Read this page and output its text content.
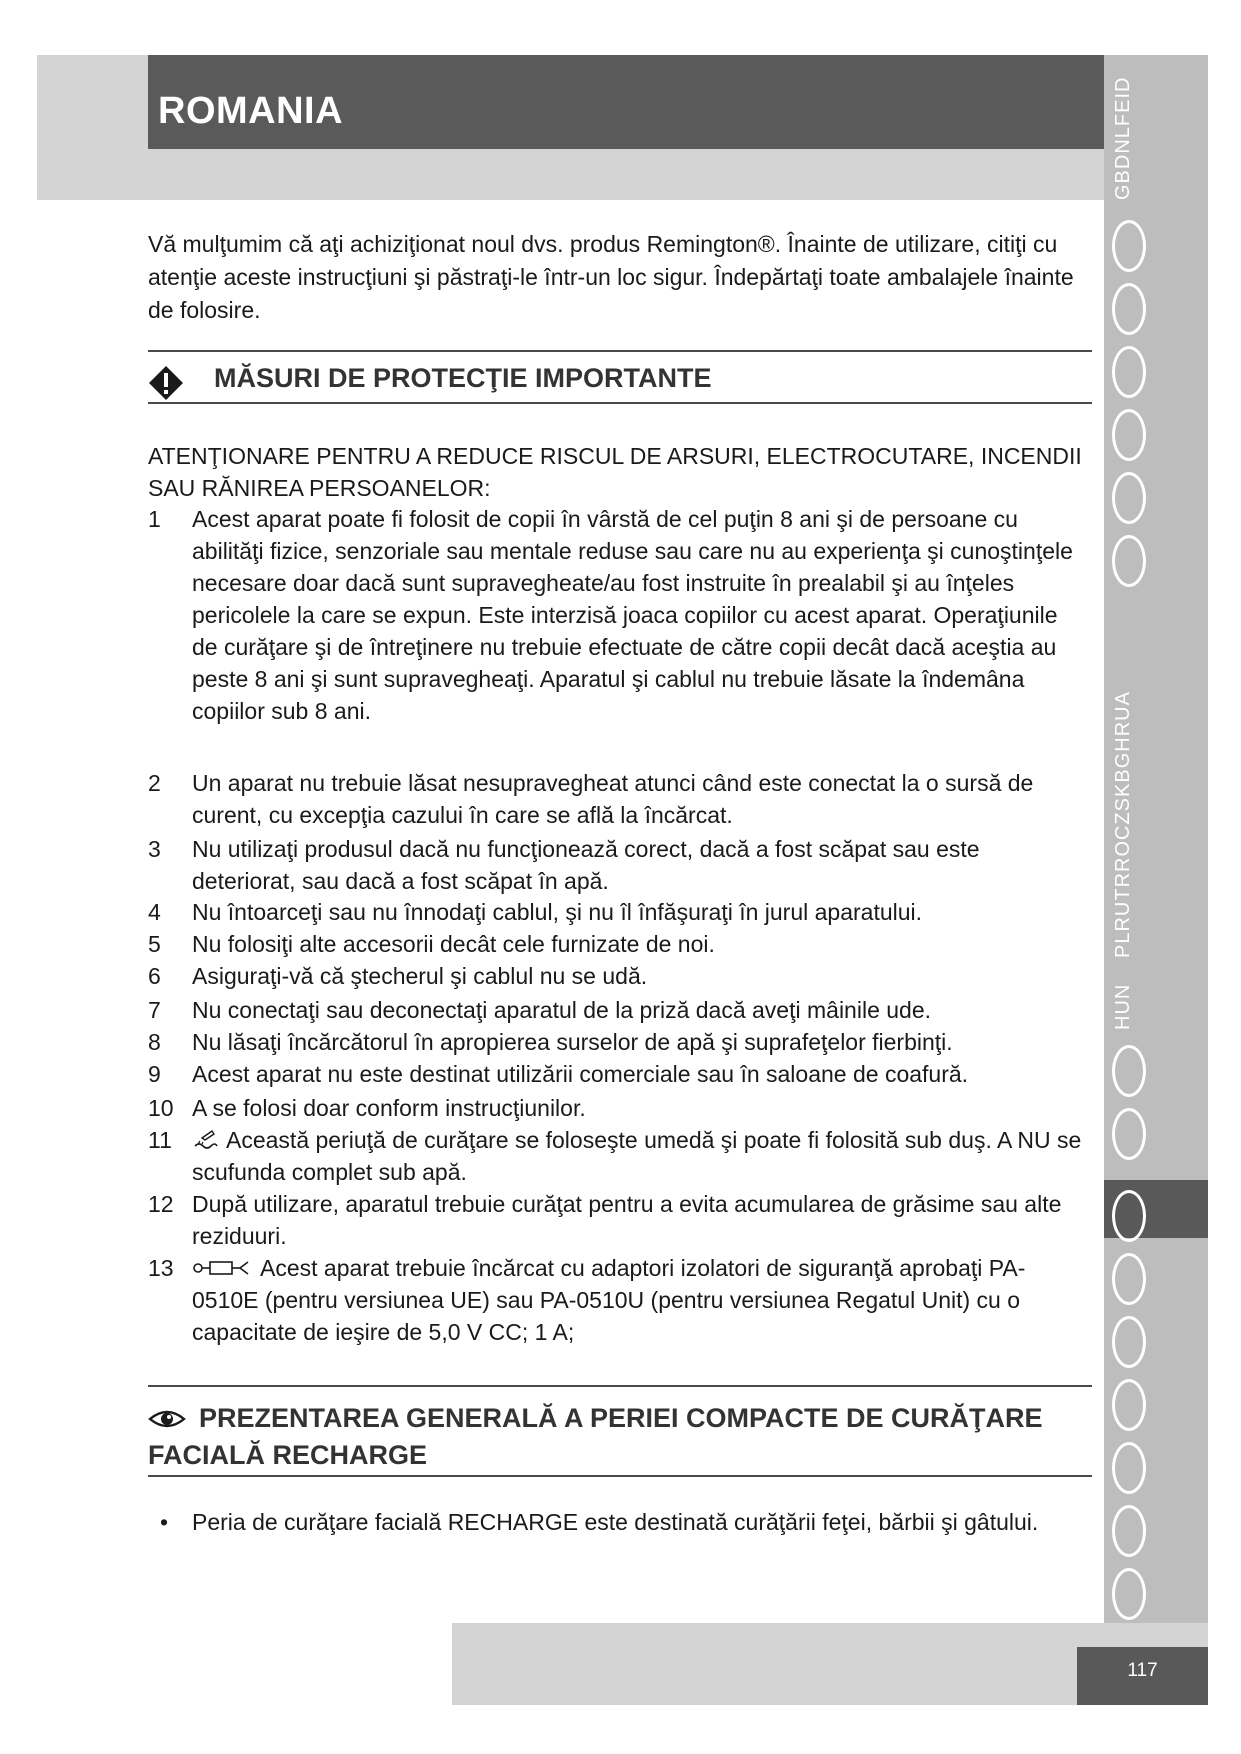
ROMANIA	GBDNLFEID
PLRUTRROCZSKBGHRUA
HUN
117
Vă mulţumim că aţi achiziţionat noul dvs. produs Remington®. Înainte de utilizare, citiţi cu atenţie aceste instrucţiuni şi păstraţi-le într-un loc sigur. Îndepărtaţi toate ambalajele înainte de folosire.
MĂSURI DE PROTECŢIE IMPORTANTE
ATENŢIONARE PENTRU A REDUCE RISCUL DE ARSURI, ELECTROCUTARE, INCENDII SAU RĂNIREA PERSOANELOR:
1 Acest aparat poate fi folosit de copii în vârstă de cel puţin 8 ani şi de persoane cu abilităţi fizice, senzoriale sau mentale reduse sau care nu au experienţa şi cunoştinţele necesare doar dacă sunt supravegheate/au fost instruite în prealabil şi au înţeles pericolele la care se expun. Este interzisă joaca copiilor cu acest aparat. Operaţiunile de curăţare şi de întreţinere nu trebuie efectuate de către copii decât dacă aceştia au peste 8 ani şi sunt supravegheaţi. Aparatul şi cablul nu trebuie lăsate la îndemâna copiilor sub 8 ani.
2 Un aparat nu trebuie lăsat nesupravegheat atunci când este conectat la o sursă de curent, cu excepţia cazului în care se află la încărcat.
3 Nu utilizaţi produsul dacă nu funcţionează corect, dacă a fost scăpat sau este deteriorat, sau dacă a fost scăpat în apă.
4 Nu întoarceţi sau nu înnodaţi cablul, şi nu îl înfăşuraţi în jurul aparatului.
5 Nu folosiţi alte accesorii decât cele furnizate de noi.
6 Asiguraţi-vă că ştecherul şi cablul nu se udă.
7 Nu conectaţi sau deconectaţi aparatul de la priză dacă aveţi mâinile ude.
8 Nu lăsaţi încărcătorul în apropierea surselor de apă şi suprafeţelor fierbinţi.
9 Acest aparat nu este destinat utilizării comerciale sau în saloane de coafură.
10 A se folosi doar conform instrucţiunilor.
11	Această periuţă de curăţare se foloseşte umedă şi poate fi folosită sub duş. A NU se scufunda complet sub apă.
12 După utilizare, aparatul trebuie curăţat pentru a evita acumularea de grăsime sau alte reziduuri.
13	Acest aparat trebuie încărcat cu adaptori izolatori de siguranţă aprobaţi PA-0510E (pentru versiunea UE) sau PA-0510U (pentru versiunea Regatul Unit) cu o capacitate de ieşire de 5,0 V CC; 1 A;
PREZENTAREA GENERALĂ A PERIEI COMPACTE DE CURĂŢARE
FACIALĂ RECHARGE
• Peria de curăţare facială RECHARGE este destinată curăţării feţei, bărbii şi gâtului.
